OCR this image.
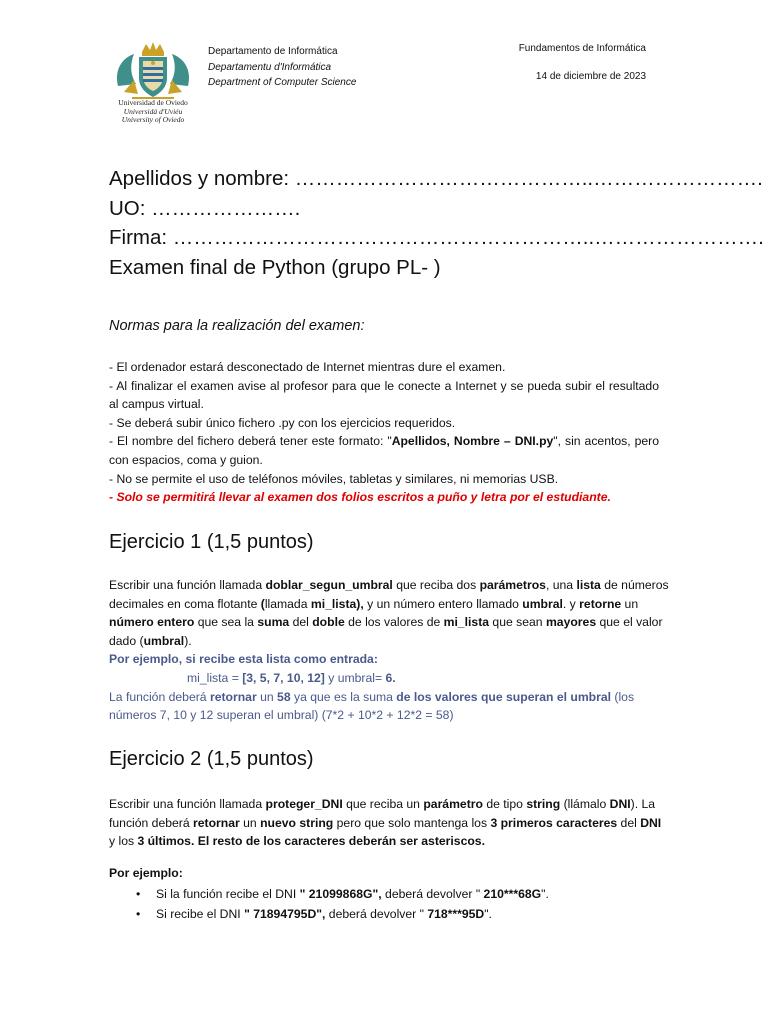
Universidad de Oviedo
Universidá d'Uviéu
University of Oviedo
Departamento de Informática
Departamentu d'Informática
Department of Computer Science
Fundamentos de Informática
14 de diciembre de 2023
Apellidos y nombre: ……………………………………..…………………….
UO: ………………….
Firma: ……………………………………………………..…………………….
Examen final de Python (grupo PL- )
Normas para la realización del examen:

- El ordenador estará desconectado de Internet mientras dure el examen.

- Al finalizar el examen avise al profesor para que le conecte a Internet y se pueda subir el resultado al campus virtual.

- Se deberá subir único fichero .py con los ejercicios requeridos.

- El nombre del fichero deberá tener este formato: "Apellidos, Nombre – DNI.py", sin acentos, pero con espacios, coma y guion.

- No se permite el uso de teléfonos móviles, tabletas y similares, ni memorias USB.

- Solo se permitirá llevar al examen dos folios escritos a puño y letra por el estudiante.

Ejercicio 1 (1,5 puntos)

Escribir una función llamada doblar_segun_umbral que reciba dos parámetros, una lista de números decimales en coma flotante (llamada mi_lista), y un número entero llamado umbral. y retorne un número entero que sea la suma del doble de los valores de mi_lista que sean mayores que el valor dado (umbral).

Por ejemplo, si recibe esta lista como entrada:

mi_lista = [3, 5, 7, 10, 12] y umbral= 6.

La función deberá retornar un 58 ya que es la suma de los valores que superan el umbral (los números 7, 10 y 12 superan el umbral) (7*2 + 10*2 + 12*2 = 58)

Ejercicio 2 (1,5 puntos)

Escribir una función llamada proteger_DNI que reciba un parámetro de tipo string (llámalo DNI). La función deberá retornar un nuevo string pero que solo mantenga los 3 primeros caracteres del DNI y los 3 últimos. El resto de los caracteres deberán ser asteriscos.

Por ejemplo:
• Si la función recibe el DNI " 21099868G", deberá devolver " 210***68G".
• Si recibe el DNI " 71894795D", deberá devolver " 718***95D".
